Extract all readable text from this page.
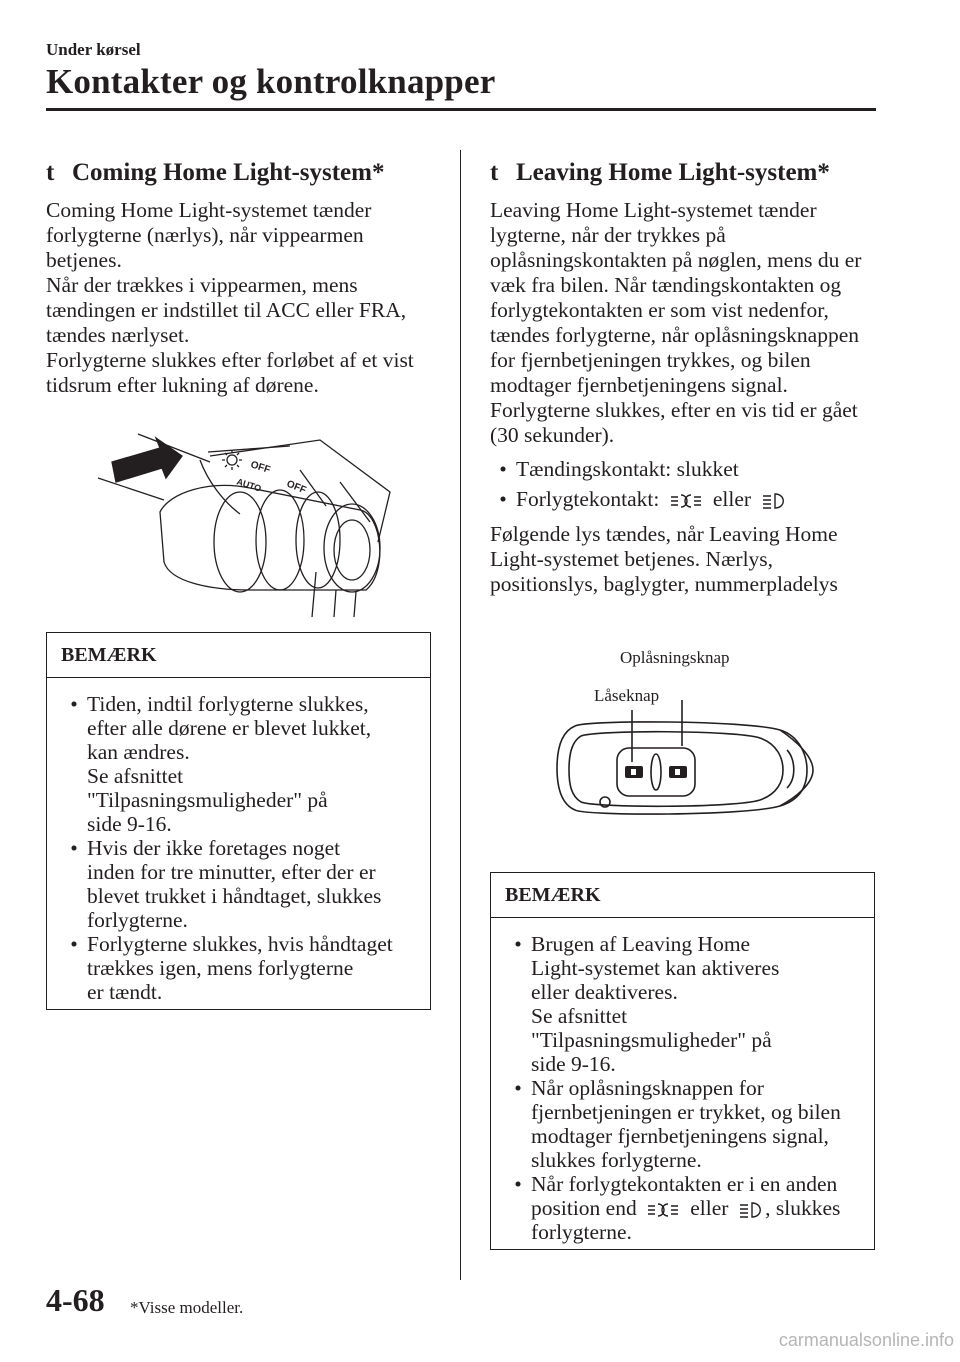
Under kørsel
Kontakter og kontrolknapper
t Coming Home Light-system*

Coming Home Light-systemet tænder forlygterne (nærlys), når vippearmen betjenes.

Når der trækkes i vippearmen, mens tændingen er indstillet til ACC eller FRA, tændes nærlyset.

Forlygterne slukkes efter forløbet af et vist tidsrum efter lukning af dørene.

OFF
AUTO OFF
BEMÆRK
• Tiden, indtil forlygterne slukkes,
efter alle dørene er blevet lukket,
kan ændres.
Se afsnittet
"Tilpasningsmuligheder" på
side 9-16.
• Hvis der ikke foretages noget
inden for tre minutter, efter der er
blevet trukket i håndtaget, slukkes
forlygterne.
• Forlygterne slukkes, hvis håndtaget
trækkes igen, mens forlygterne
er tændt.
t Leaving Home Light-system*

Leaving Home Light-systemet tænder lygterne, når der trykkes på oplåsningskontakten på nøglen, mens du er væk fra bilen. Når tændingskontakten og forlygtekontakten er som vist nedenfor, tændes forlygterne, når oplåsningsknappen for fjernbetjeningen trykkes, og bilen modtager fjernbetjeningens signal. Forlygterne slukkes, efter en vis tid er gået (30 sekunder).

• Tændingskontakt: slukket
• Forlygtekontakt: eller

Følgende lys tændes, når Leaving Home Light-systemet betjenes. Nærlys, positionslys, baglygter, nummerpladelys

Oplåsningsknap
Låseknap
BEMÆRK
• Brugen af Leaving Home
Light-systemet kan aktiveres
eller deaktiveres.
Se afsnittet
"Tilpasningsmuligheder" på
side 9-16.
• Når oplåsningsknappen for
fjernbetjeningen er trykket, og bilen
modtager fjernbetjeningens signal,
slukkes forlygterne.
• Når forlygtekontakten er i en anden
position end eller , slukkes
forlygterne.
4-68 *Visse modeller.
carmanualsonline.info
